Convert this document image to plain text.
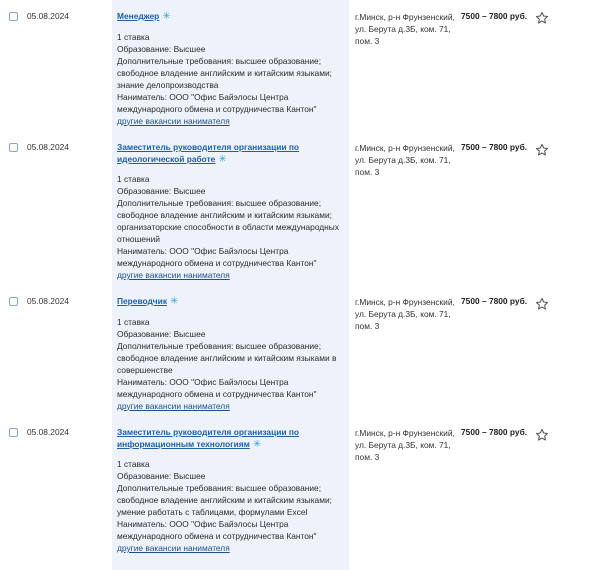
05.08.2024	Менеджер ✳
1 ставка
Образование: Высшее
Дополнительные требования: высшее образование; свободное владение английским и китайским языками; знание делопроизводства
Наниматель: ООО "Офис Байэлосы Центра международного обмена и сотрудничества Кантон"
другие вакансии нанимателя
г.Минск, р-н Фрунзенский, ул. Берута д.3Б, ком. 71, пом. 3
7500 – 7800 руб.
05.08.2024	Заместитель руководителя организации по идеологической работе ✳
1 ставка
Образование: Высшее
Дополнительные требования: высшее образование; свободное владение английским и китайским языками; организаторские способности в области международных отношений
Наниматель: ООО "Офис Байэлосы Центра международного обмена и сотрудничества Кантон"
другие вакансии нанимателя
г.Минск, р-н Фрунзенский, ул. Берута д.3Б, ком. 71, пом. 3
7500 – 7800 руб.
05.08.2024	Переводчик ✳
1 ставка
Образование: Высшее
Дополнительные требования: высшее образование; свободное владение английским и китайским языками в совершенстве
Наниматель: ООО "Офис Байэлосы Центра международного обмена и сотрудничества Кантон"
другие вакансии нанимателя
г.Минск, р-н Фрунзенский, ул. Берута д.3Б, ком. 71, пом. 3
7500 – 7800 руб.
05.08.2024	Заместитель руководителя организации по информационным технологиям ✳
1 ставка
Образование: Высшее
Дополнительные требования: высшее образование; свободное владение английским и китайским языками; умение работать с таблицами, формулами Excel
Наниматель: ООО "Офис Байэлосы Центра международного обмена и сотрудничества Кантон"
другие вакансии нанимателя
г.Минск, р-н Фрунзенский, ул. Берута д.3Б, ком. 71, пом. 3
7500 – 7800 руб.
